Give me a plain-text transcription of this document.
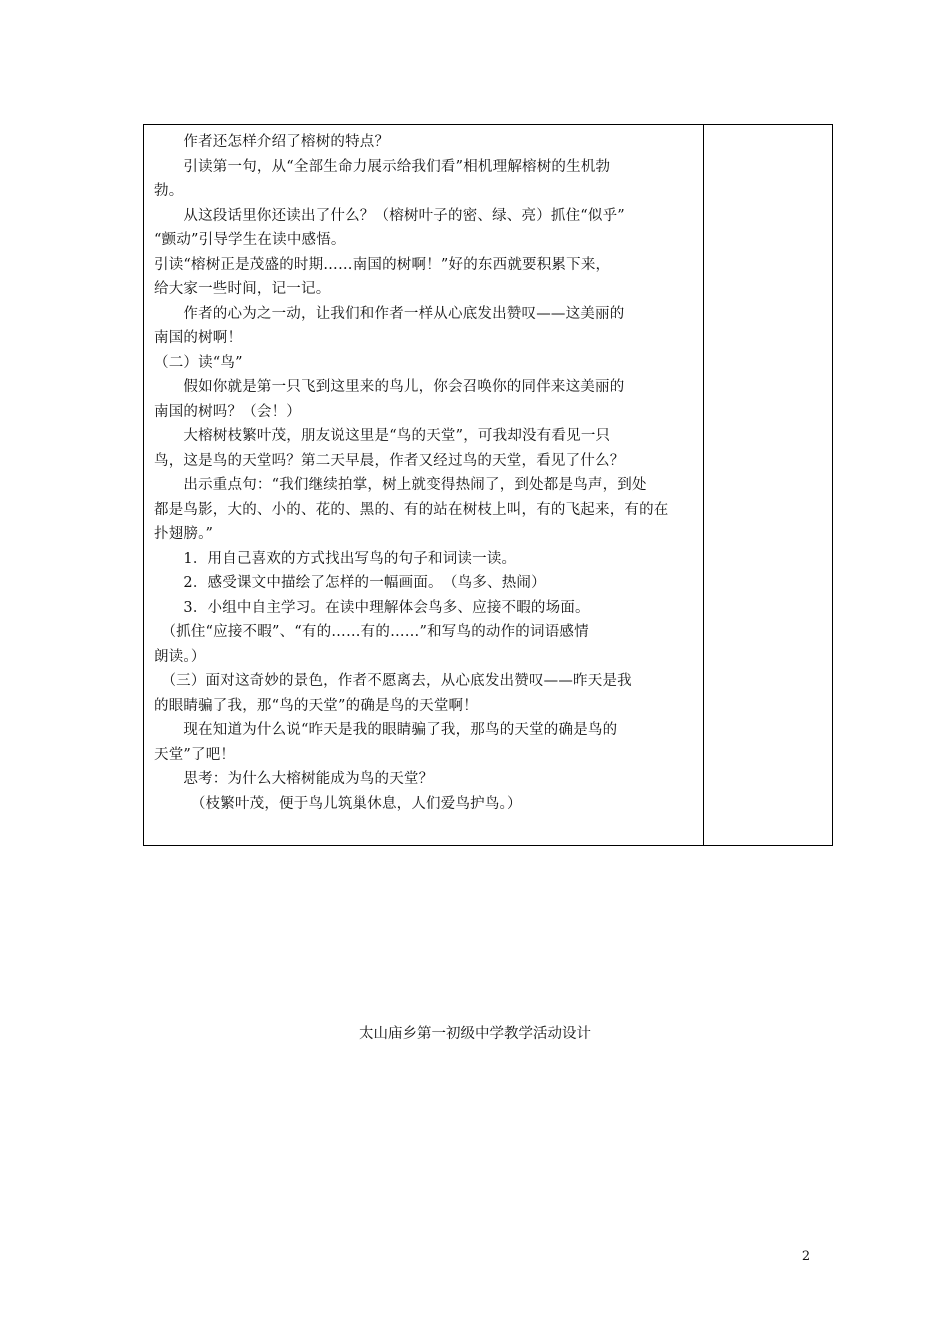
　　作者还怎样介绍了榕树的特点？
　　引读第一句，从“全部生命力展示给我们看”相机理解榕树的生机勃
勃。
　　从这段话里你还读出了什么？（榕树叶子的密、绿、亮）抓住“似乎”
“颤动”引导学生在读中感悟。
引读“榕树正是茂盛的时期……南国的树啊！”好的东西就要积累下来，
给大家一些时间，记一记。
　　作者的心为之一动，让我们和作者一样从心底发出赞叹——这美丽的
南国的树啊！
（二）读“鸟”
　　假如你就是第一只飞到这里来的鸟儿，你会召唤你的同伴来这美丽的
南国的树吗？（会！）
　　大榕树枝繁叶茂，朋友说这里是“鸟的天堂”，可我却没有看见一只
鸟，这是鸟的天堂吗？第二天早晨，作者又经过鸟的天堂，看见了什么？
　　出示重点句：“我们继续拍掌，树上就变得热闹了，到处都是鸟声，到处
都是鸟影，大的、小的、花的、黑的、有的站在树枝上叫，有的飞起来，有的在
扑翅膀。”
　　1．用自己喜欢的方式找出写鸟的句子和词读一读。
　　2．感受课文中描绘了怎样的一幅画面。　（鸟多、热闹）
　　3．小组中自主学习。在读中理解体会鸟多、应接不暇的场面。
　（抓住“应接不暇”、“有的……有的……”和写鸟的动作的词语感情
朗读。）
　（三）面对这奇妙的景色，作者不愿离去，从心底发出赞叹——昨天是我
的眼睛骗了我，那“鸟的天堂”的确是鸟的天堂啊！
　　现在知道为什么说“昨天是我的眼睛骗了我，那鸟的天堂的确是鸟的
天堂”了吧！
　　思考：为什么大榕树能成为鸟的天堂？
　　　（枝繁叶茂，便于鸟儿筑巢休息，人们爱鸟护鸟。）
太山庙乡第一初级中学教学活动设计
2
